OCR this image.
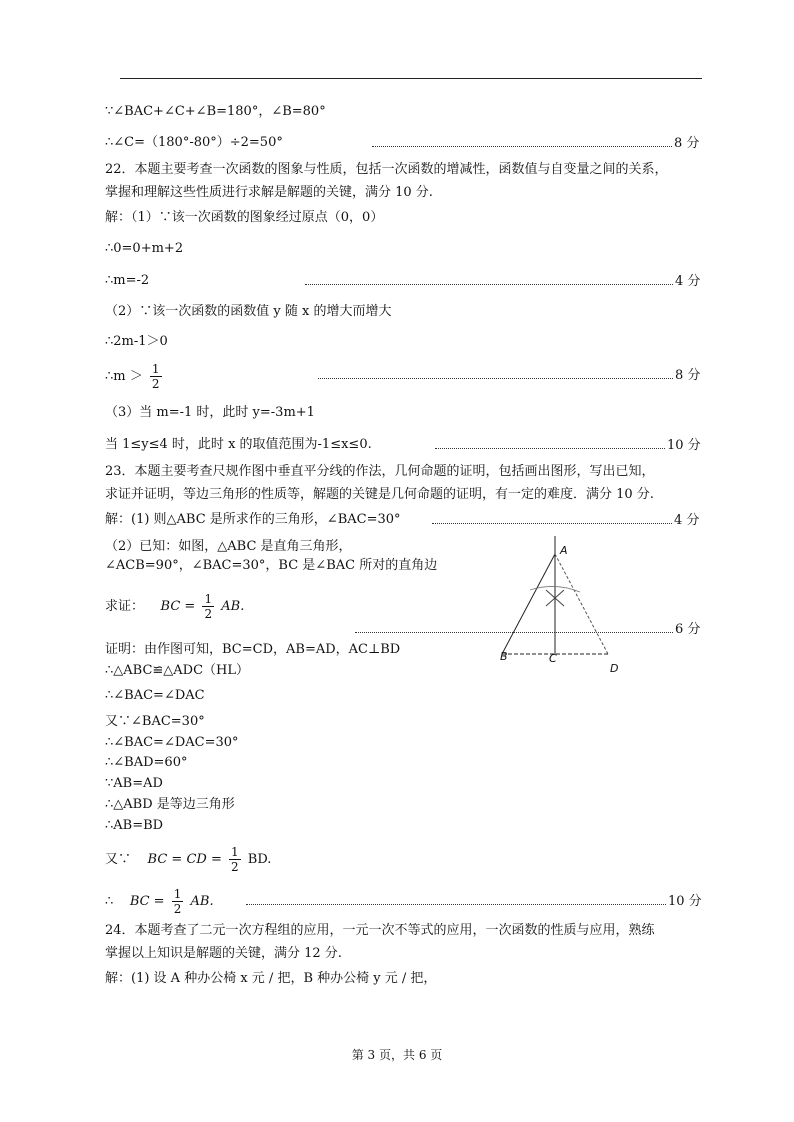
∵∠BAC+∠C+∠B=180°，∠B=80°
∴∠C=（180°-80°）÷2=50°	8 分
22．本题主要考查一次函数的图象与性质，包括一次函数的增减性，函数值与自变量之间的关系，
掌握和理解这些性质进行求解是解题的关键，满分 10 分.
解：（1）∵该一次函数的图象经过原点（0，0）
∴0=0+m+2
∴m=-2	4 分
（2）∵该一次函数的函数值 y 随 x 的增大而增大
∴2m-1＞0
∴m ＞ $\frac{1}{2}$	8 分
（3）当 m=-1 时，此时 y=-3m+1
当 1≤y≤4 时，此时 x 的取值范围为-1≤x≤0.	10 分
23．本题主要考查尺规作图中垂直平分线的作法，几何命题的证明，包括画出图形，写出已知，
求证并证明，等边三角形的性质等，解题的关键是几何命题的证明，有一定的难度．满分 10 分.
解：(1) 则△ABC 是所求作的三角形，∠BAC=30°	4 分
（2）已知：如图，△ABC 是直角三角形，
∠ACB=90°，∠BAC=30°，BC 是∠BAC 所对的直角边
求证： BC = $\frac{1}{2}$ AB.
6 分
证明：由作图可知，BC=CD，AB=AD，AC⊥BD
∴△ABC≌△ADC（HL）
∴∠BAC=∠DAC
又∵∠BAC=30°
∴∠BAC=∠DAC=30°
∴∠BAD=60°
∵AB=AD
∴△ABD 是等边三角形
∴AB=BD
又∵ BC = CD = $\frac{1}{2}$ BD.
∴ BC = $\frac{1}{2}$ AB.	10 分
24．本题考查了二元一次方程组的应用，一元一次不等式的应用，一次函数的性质与应用，熟练
掌握以上知识是解题的关键，满分 12 分.
解：(1) 设 A 种办公椅 x 元 / 把，B 种办公椅 y 元 / 把，
A
B	C
D
第 3 页，共 6 页
